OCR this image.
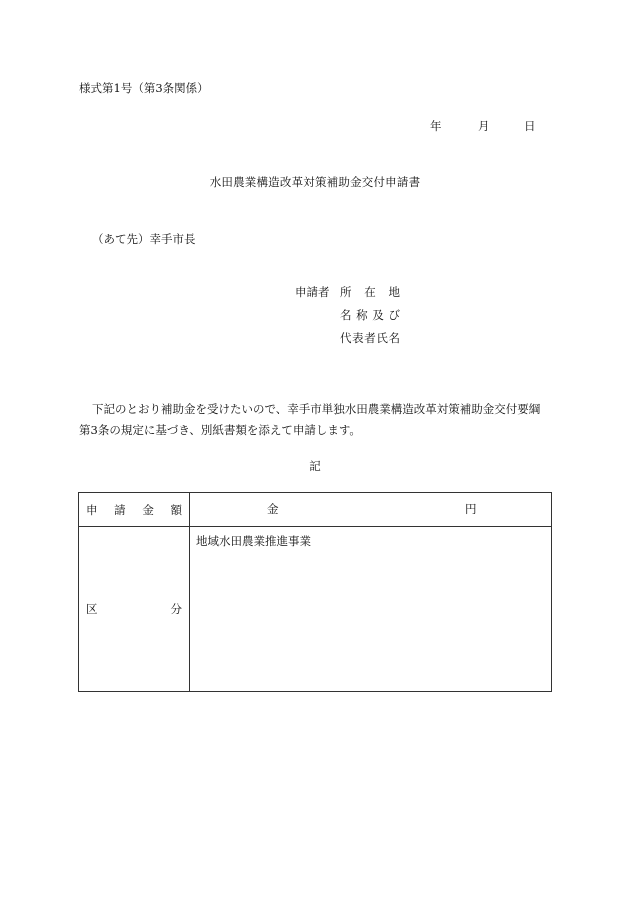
様式第1号（第3条関係）
年	月	日
水田農業構造改革対策補助金交付申請書
（あて先）幸手市長
申請者 所 在 地
名 称 及 び
代 表 者 氏 名
下記のとおり補助金を受けたいので、幸手市単独水田農業構造改革対策補助金交付要綱
第3条の規定に基づき、別紙書類を添えて申請します。
記
申 請 金 額	金 円

区 分	地域水田農業推進事業
